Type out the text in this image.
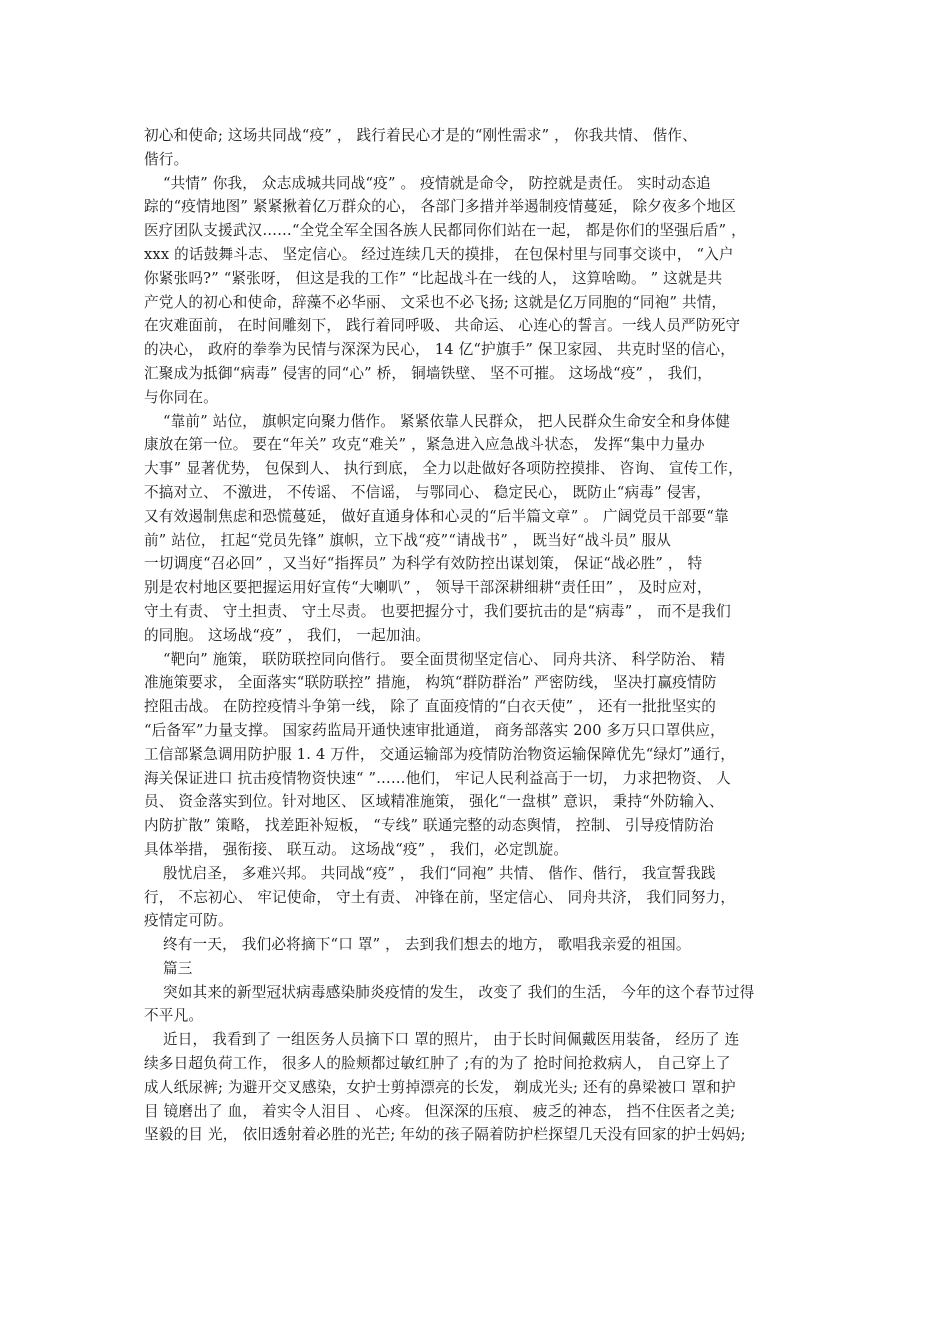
初心和使命; 这场共同战“疫” ， 践行着民心才是的“刚性需求” ， 你我共情、 偕作、
偕行。

“共情” 你我， 众志成城共同战“疫” 。 疫情就是命令， 防控就是责任。 实时动态追
踪的“疫情地图” 紧紧揪着亿万群众的心， 各部门多措并举遏制疫情蔓延， 除夕夜多个地区
医疗团队支援武汉……“全党全军全国各族人民都同你们站在一起， 都是你们的坚强后盾” ，
xxx 的话鼓舞斗志、 坚定信心。 经过连续几天的摸排， 在包保村里与同事交谈中， “入户
你紧张吗?” “紧张呀， 但这是我的工作” “比起战斗在一线的人， 这算啥呦。 ” 这就是共
产党人的初心和使命，辞藻不必华丽、 文采也不必飞扬; 这就是亿万同胞的“同袍” 共情，
在灾难面前， 在时间雕刻下， 践行着同呼吸、 共命运、 心连心的誓言。一线人员严防死守
的决心， 政府的拳拳为民情与深深为民心， 14 亿“护旗手” 保卫家园、 共克时坚的信心，
汇聚成为抵御“病毒” 侵害的同“心” 桥， 铜墙铁壁、 坚不可摧。 这场战“疫” ， 我们，
与你同在。

“靠前” 站位， 旗帜定向聚力偕作。 紧紧依靠人民群众， 把人民群众生命安全和身体健
康放在第一位。 要在“年关” 攻克“难关” ，紧急进入应急战斗状态， 发挥“集中力量办
大事” 显著优势， 包保到人、 执行到底， 全力以赴做好各项防控摸排、 咨询、 宣传工作，
不搞对立、 不激进， 不传谣、 不信谣， 与鄂同心、 稳定民心， 既防止“病毒” 侵害，
又有效遏制焦虑和恐慌蔓延， 做好直通身体和心灵的“后半篇文章” 。 广阔党员干部要“靠
前” 站位， 扛起“党员先锋” 旗帜，立下战“疫”“请战书” ， 既当好“战斗员” 服从
一切调度“召必回” ，又当好“指挥员” 为科学有效防控出谋划策， 保证“战必胜” ， 特
别是农村地区要把握运用好宣传“大喇叭” ， 领导干部深耕细耕“责任田” ， 及时应对，
守土有责、 守土担责、 守土尽责。 也要把握分寸，我们要抗击的是“病毒” ， 而不是我们
的同胞。 这场战“疫” ， 我们， 一起加油。

“靶向” 施策， 联防联控同向偕行。 要全面贯彻坚定信心、 同舟共济、 科学防治、 精
准施策要求， 全面落实“联防联控” 措施， 构筑“群防群治” 严密防线， 坚决打赢疫情防
控阻击战。 在防控疫情斗争第一线， 除了 直面疫情的“白衣天使” ， 还有一批批坚实的
“后备军”力量支撑。 国家药监局开通快速审批通道， 商务部落实 200 多万只口罩供应，
工信部紧急调用防护服 1. 4 万件， 交通运输部为疫情防治物资运输保障优先“绿灯”通行，
海关保证进口 抗击疫情物资快速“ ”……他们， 牢记人民利益高于一切， 力求把物资、 人
员、 资金落实到位。针对地区、 区域精准施策， 强化“一盘棋” 意识， 秉持“外防输入、
内防扩散” 策略， 找差距补短板， “专线” 联通完整的动态舆情， 控制、 引导疫情防治
具体举措， 强衔接、 联互动。 这场战“疫” ， 我们，必定凯旋。

殷忧启圣， 多难兴邦。 共同战“疫” ， 我们“同袍” 共情、 偕作、偕行， 我宣誓我践
行， 不忘初心、 牢记使命， 守土有责、 冲锋在前，坚定信心、 同舟共济， 我们同努力，
疫情定可防。

终有一天， 我们必将摘下“口 罩” ， 去到我们想去的地方， 歌唱我亲爱的祖国。

篇三

突如其来的新型冠状病毒感染肺炎疫情的发生， 改变了 我们的生活， 今年的这个春节过得
不平凡。

近日， 我看到了 一组医务人员摘下口 罩的照片， 由于长时间佩戴医用装备， 经历了 连
续多日超负荷工作， 很多人的脸颊都过敏红肿了 ;有的为了 抢时间抢救病人， 自己穿上了
成人纸尿裤; 为避开交叉感染，女护士剪掉漂亮的长发， 剃成光头; 还有的鼻梁被口 罩和护
目 镜磨出了 血， 着实令人泪目 、 心疼。 但深深的压痕、 疲乏的神态， 挡不住医者之美;
坚毅的目 光， 依旧透射着必胜的光芒; 年幼的孩子隔着防护栏探望几天没有回家的护士妈妈;
